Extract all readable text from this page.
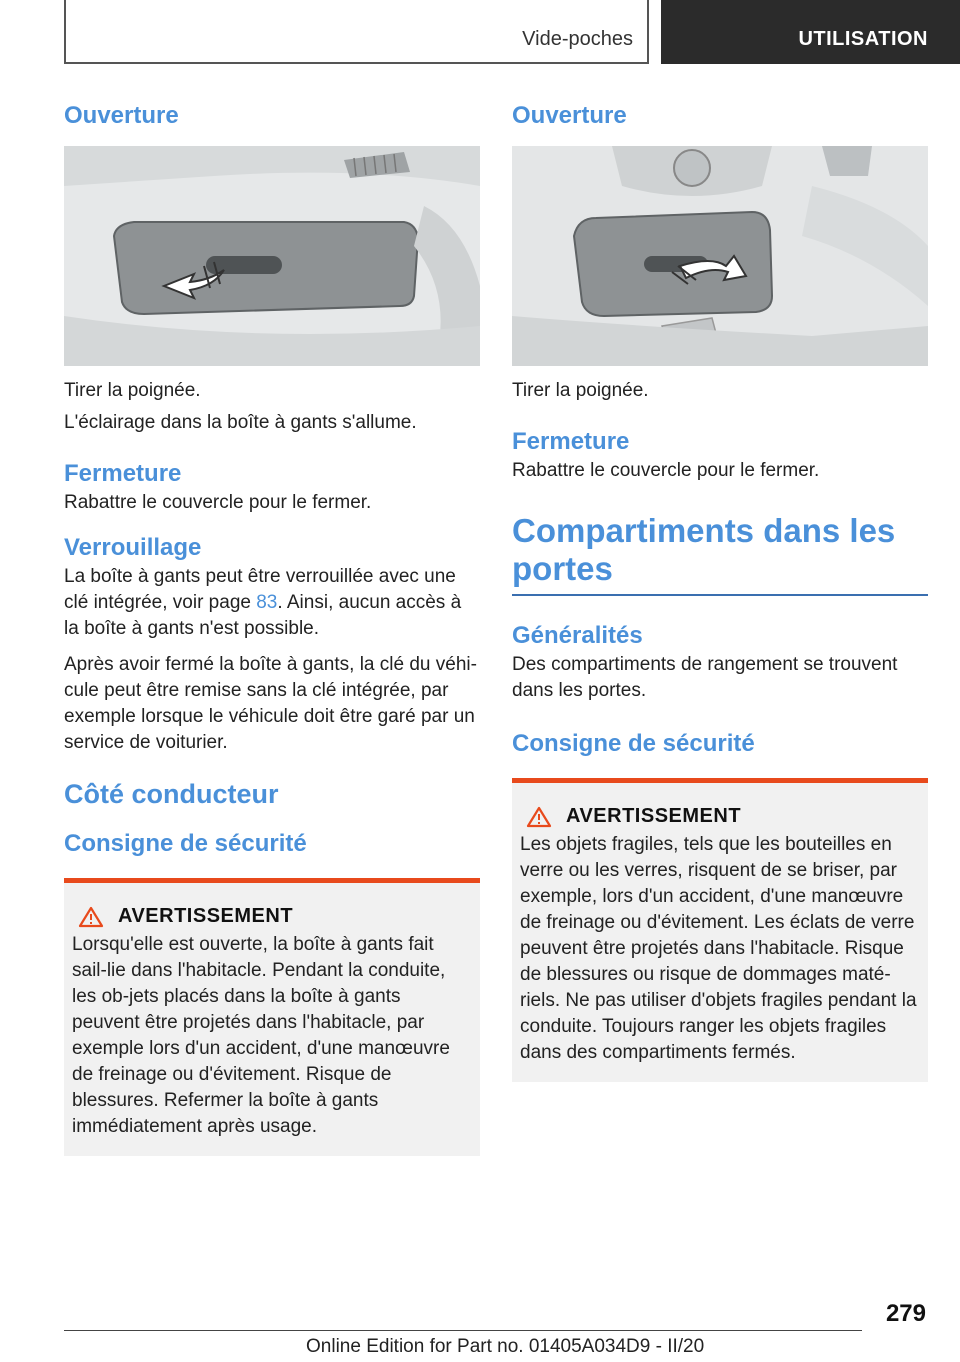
Vide-poches	UTILISATION
Ouverture

Tirer la poignée.

L'éclairage dans la boîte à gants s'allume.

Fermeture

Rabattre le couvercle pour le fermer.

Verrouillage

La boîte à gants peut être verrouillée avec une clé intégrée, voir page 83. Ainsi, aucun accès à la boîte à gants n'est possible.

Après avoir fermé la boîte à gants, la clé du véhi-cule peut être remise sans la clé intégrée, par exemple lorsque le véhicule doit être garé par un service de voiturier.

Côté conducteur
Consigne de sécurité
AVERTISSEMENT

Lorsqu'elle est ouverte, la boîte à gants fait sail-lie dans l'habitacle. Pendant la conduite, les ob-jets placés dans la boîte à gants peuvent être projetés dans l'habitacle, par exemple lors d'un accident, d'une manœuvre de freinage ou d'évitement. Risque de blessures. Refermer la boîte à gants immédiatement après usage.

Ouverture

Tirer la poignée.

Fermeture

Rabattre le couvercle pour le fermer.

Compartiments dans les portes
Généralités

Des compartiments de rangement se trouvent dans les portes.

Consigne de sécurité
AVERTISSEMENT

Les objets fragiles, tels que les bouteilles en verre ou les verres, risquent de se briser, par exemple, lors d'un accident, d'une manœuvre de freinage ou d'évitement. Les éclats de verre peuvent être projetés dans l'habitacle. Risque de blessures ou risque de dommages maté-riels. Ne pas utiliser d'objets fragiles pendant la conduite. Toujours ranger les objets fragiles dans des compartiments fermés.

279
Online Edition for Part no. 01405A034D9 - II/20
